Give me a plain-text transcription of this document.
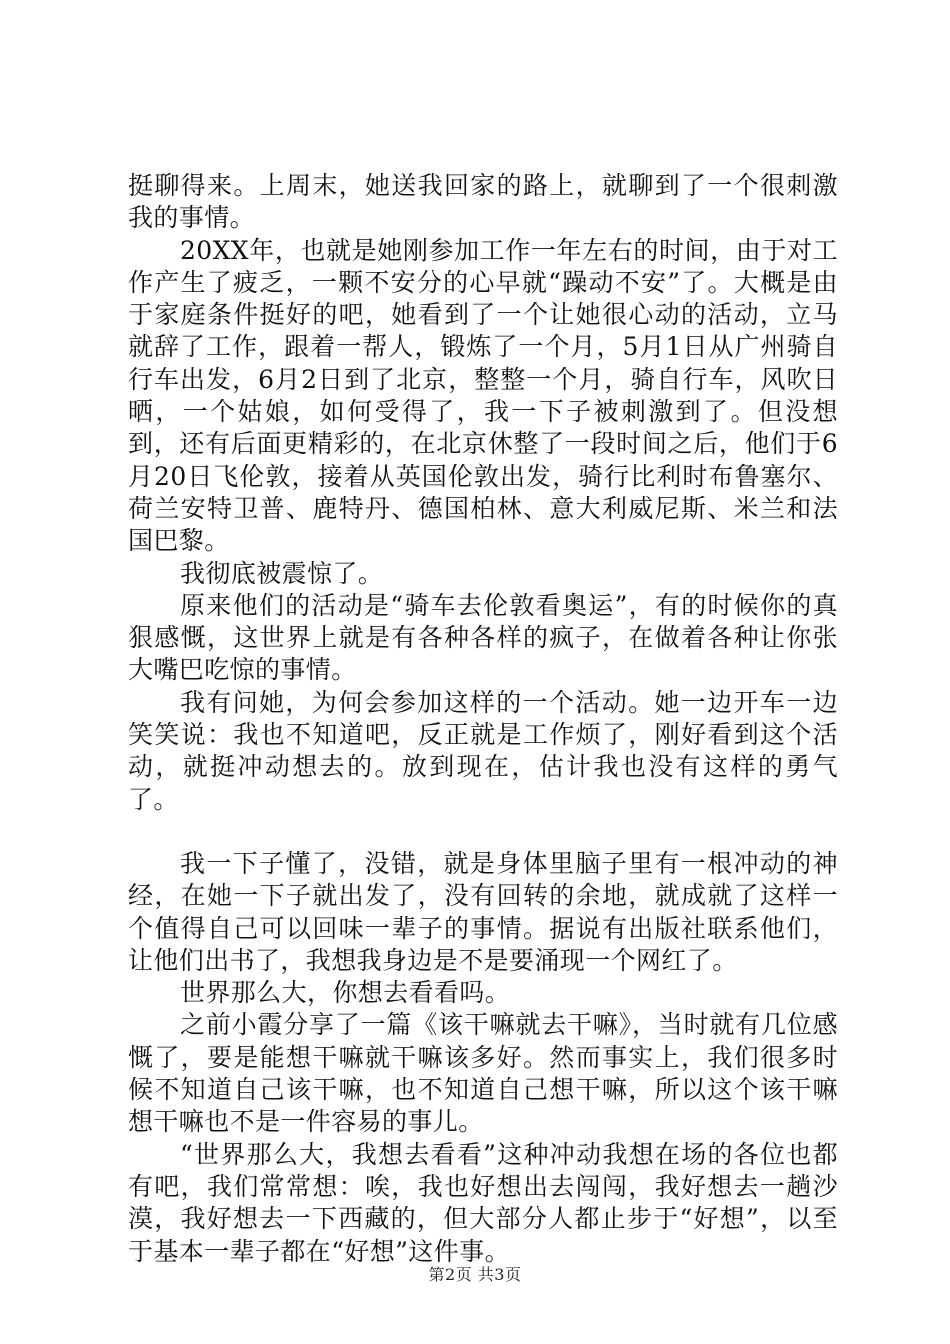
挺聊得来。上周末，她送我回家的路上，就聊到了一个很刺激我的事情。

20XX年，也就是她刚参加工作一年左右的时间，由于对工作产生了疲乏，一颗不安分的心早就“躁动不安”了。大概是由于家庭条件挺好的吧，她看到了一个让她很心动的活动，立马就辞了工作，跟着一帮人，锻炼了一个月，5月1日从广州骑自行车出发，6月2日到了北京，整整一个月，骑自行车，风吹日晒，一个姑娘，如何受得了，我一下子被刺激到了。但没想到，还有后面更精彩的，在北京休整了一段时间之后，他们于6月20日飞伦敦，接着从英国伦敦出发，骑行比利时布鲁塞尔、荷兰安特卫普、鹿特丹、德国柏林、意大利威尼斯、米兰和法国巴黎。

我彻底被震惊了。

原来他们的活动是“骑车去伦敦看奥运”，有的时候你的真狠感慨，这世界上就是有各种各样的疯子，在做着各种让你张大嘴巴吃惊的事情。

我有问她，为何会参加这样的一个活动。她一边开车一边笑笑说：我也不知道吧，反正就是工作烦了，刚好看到这个活动，就挺冲动想去的。放到现在，估计我也没有这样的勇气了。

我一下子懂了，没错，就是身体里脑子里有一根冲动的神经，在她一下子就出发了，没有回转的余地，就成就了这样一个值得自己可以回味一辈子的事情。据说有出版社联系他们，让他们出书了，我想我身边是不是要涌现一个网红了。

世界那么大，你想去看看吗。

之前小霞分享了一篇《该干嘛就去干嘛》，当时就有几位感慨了，要是能想干嘛就干嘛该多好。然而事实上，我们很多时候不知道自己该干嘛，也不知道自己想干嘛，所以这个该干嘛想干嘛也不是一件容易的事儿。

“世界那么大，我想去看看”这种冲动我想在场的各位也都有吧，我们常常想：唉，我也好想出去闯闯，我好想去一趟沙漠，我好想去一下西藏的，但大部分人都止步于“好想”，以至于基本一辈子都在“好想”这件事。

第2页 共3页
